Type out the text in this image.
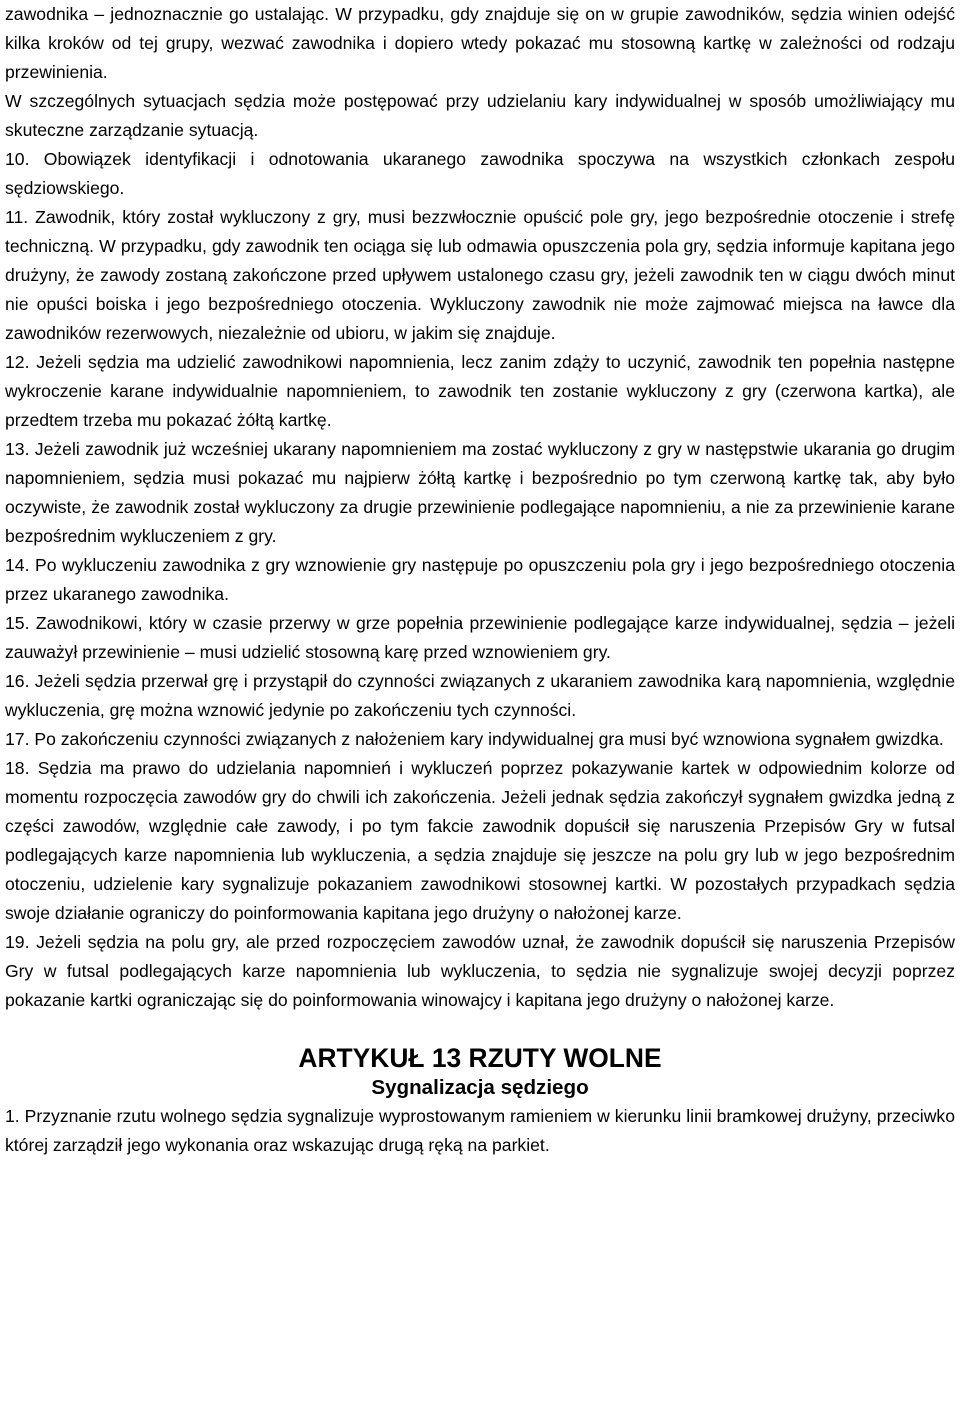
zawodnika – jednoznacznie go ustalając. W przypadku, gdy znajduje się on w grupie zawodników, sędzia winien odejść kilka kroków od tej grupy, wezwać zawodnika i dopiero wtedy pokazać mu stosowną kartkę w zależności od rodzaju przewinienia.

W szczególnych sytuacjach sędzia może postępować przy udzielaniu kary indywidualnej w sposób umożliwiający mu skuteczne zarządzanie sytuacją.

10. Obowiązek identyfikacji i odnotowania ukaranego zawodnika spoczywa na wszystkich członkach zespołu sędziowskiego.

11. Zawodnik, który został wykluczony z gry, musi bezzwłocznie opuścić pole gry, jego bezpośrednie otoczenie i strefę techniczną. W przypadku, gdy zawodnik ten ociąga się lub odmawia opuszczenia pola gry, sędzia informuje kapitana jego drużyny, że zawody zostaną zakończone przed upływem ustalonego czasu gry, jeżeli zawodnik ten w ciągu dwóch minut nie opuści boiska i jego bezpośredniego otoczenia. Wykluczony zawodnik nie może zajmować miejsca na ławce dla zawodników rezerwowych, niezależnie od ubioru, w jakim się znajduje.

12. Jeżeli sędzia ma udzielić zawodnikowi napomnienia, lecz zanim zdąży to uczynić, zawodnik ten popełnia następne wykroczenie karane indywidualnie napomnieniem, to zawodnik ten zostanie wykluczony z gry (czerwona kartka), ale przedtem trzeba mu pokazać żółtą kartkę.

13. Jeżeli zawodnik już wcześniej ukarany napomnieniem ma zostać wykluczony z gry w następstwie ukarania go drugim napomnieniem, sędzia musi pokazać mu najpierw żółtą kartkę i bezpośrednio po tym czerwoną kartkę tak, aby było oczywiste, że zawodnik został wykluczony za drugie przewinienie podlegające napomnieniu, a nie za przewinienie karane bezpośrednim wykluczeniem z gry.

14. Po wykluczeniu zawodnika z gry wznowienie gry następuje po opuszczeniu pola gry i jego bezpośredniego otoczenia przez ukaranego zawodnika.

15. Zawodnikowi, który w czasie przerwy w grze popełnia przewinienie podlegające karze indywidualnej, sędzia – jeżeli zauważył przewinienie – musi udzielić stosowną karę przed wznowieniem gry.

16. Jeżeli sędzia przerwał grę i przystąpił do czynności związanych z ukaraniem zawodnika karą napomnienia, względnie wykluczenia, grę można wznowić jedynie po zakończeniu tych czynności.

17. Po zakończeniu czynności związanych z nałożeniem kary indywidualnej gra musi być wznowiona sygnałem gwizdka.

18. Sędzia ma prawo do udzielania napomnień i wykluczeń poprzez pokazywanie kartek w odpowiednim kolorze od momentu rozpoczęcia zawodów gry do chwili ich zakończenia. Jeżeli jednak sędzia zakończył sygnałem gwizdka jedną z części zawodów, względnie całe zawody, i po tym fakcie zawodnik dopuścił się naruszenia Przepisów Gry w futsal podlegających karze napomnienia lub wykluczenia, a sędzia znajduje się jeszcze na polu gry lub w jego bezpośrednim otoczeniu, udzielenie kary sygnalizuje pokazaniem zawodnikowi stosownej kartki. W pozostałych przypadkach sędzia swoje działanie ograniczy do poinformowania kapitana jego drużyny o nałożonej karze.

19. Jeżeli sędzia na polu gry, ale przed rozpoczęciem zawodów uznał, że zawodnik dopuścił się naruszenia Przepisów Gry w futsal podlegających karze napomnienia lub wykluczenia, to sędzia nie sygnalizuje swojej decyzji poprzez pokazanie kartki ograniczając się do poinformowania winowajcy i kapitana jego drużyny o nałożonej karze.

ARTYKUŁ 13 RZUTY WOLNE
Sygnalizacja sędziego

1. Przyznanie rzutu wolnego sędzia sygnalizuje wyprostowanym ramieniem w kierunku linii bramkowej drużyny, przeciwko której zarządził jego wykonania oraz wskazując drugą ręką na parkiet.
